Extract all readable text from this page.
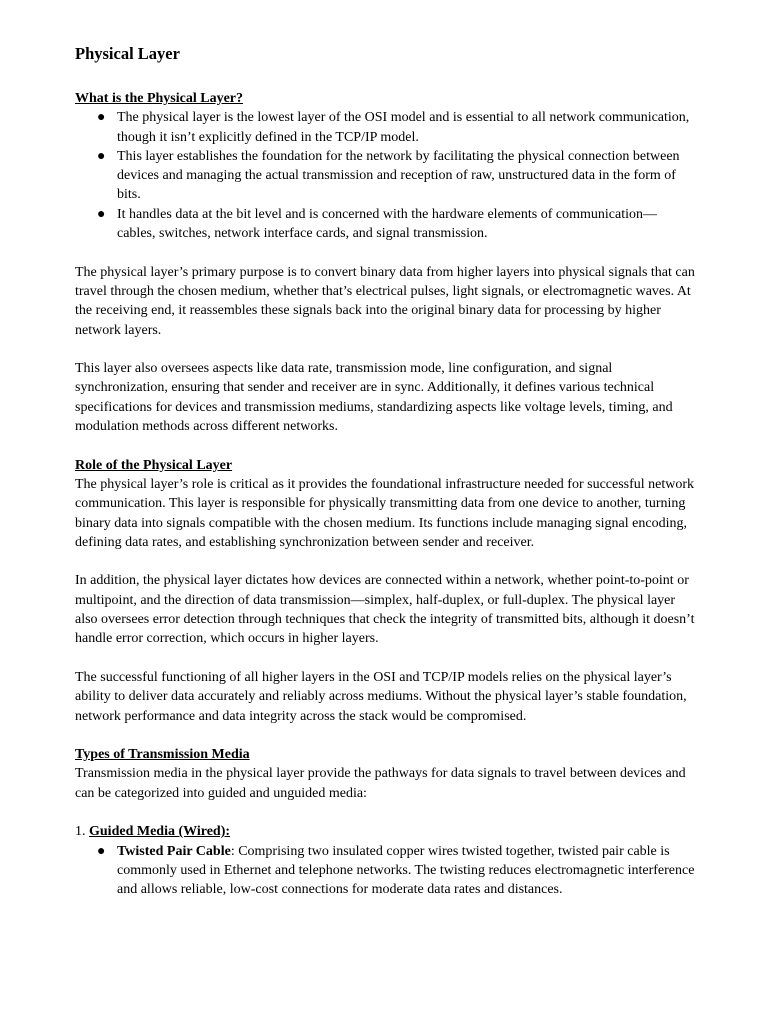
Physical Layer
What is the Physical Layer?
● The physical layer is the lowest layer of the OSI model and is essential to all network communication, though it isn’t explicitly defined in the TCP/IP model.
● This layer establishes the foundation for the network by facilitating the physical connection between devices and managing the actual transmission and reception of raw, unstructured data in the form of bits.
● It handles data at the bit level and is concerned with the hardware elements of communication—cables, switches, network interface cards, and signal transmission.

The physical layer’s primary purpose is to convert binary data from higher layers into physical signals that can travel through the chosen medium, whether that’s electrical pulses, light signals, or electromagnetic waves. At the receiving end, it reassembles these signals back into the original binary data for processing by higher network layers.

This layer also oversees aspects like data rate, transmission mode, line configuration, and signal synchronization, ensuring that sender and receiver are in sync. Additionally, it defines various technical specifications for devices and transmission mediums, standardizing aspects like voltage levels, timing, and modulation methods across different networks.

Role of the Physical Layer

The physical layer’s role is critical as it provides the foundational infrastructure needed for successful network communication. This layer is responsible for physically transmitting data from one device to another, turning binary data into signals compatible with the chosen medium. Its functions include managing signal encoding, defining data rates, and establishing synchronization between sender and receiver.

In addition, the physical layer dictates how devices are connected within a network, whether point-to-point or multipoint, and the direction of data transmission—simplex, half-duplex, or full-duplex. The physical layer also oversees error detection through techniques that check the integrity of transmitted bits, although it doesn’t handle error correction, which occurs in higher layers.

The successful functioning of all higher layers in the OSI and TCP/IP models relies on the physical layer’s ability to deliver data accurately and reliably across mediums. Without the physical layer’s stable foundation, network performance and data integrity across the stack would be compromised.

Types of Transmission Media

Transmission media in the physical layer provide the pathways for data signals to travel between devices and can be categorized into guided and unguided media:

1. Guided Media (Wired):
● Twisted Pair Cable: Comprising two insulated copper wires twisted together, twisted pair cable is commonly used in Ethernet and telephone networks. The twisting reduces electromagnetic interference and allows reliable, low-cost connections for moderate data rates and distances.
